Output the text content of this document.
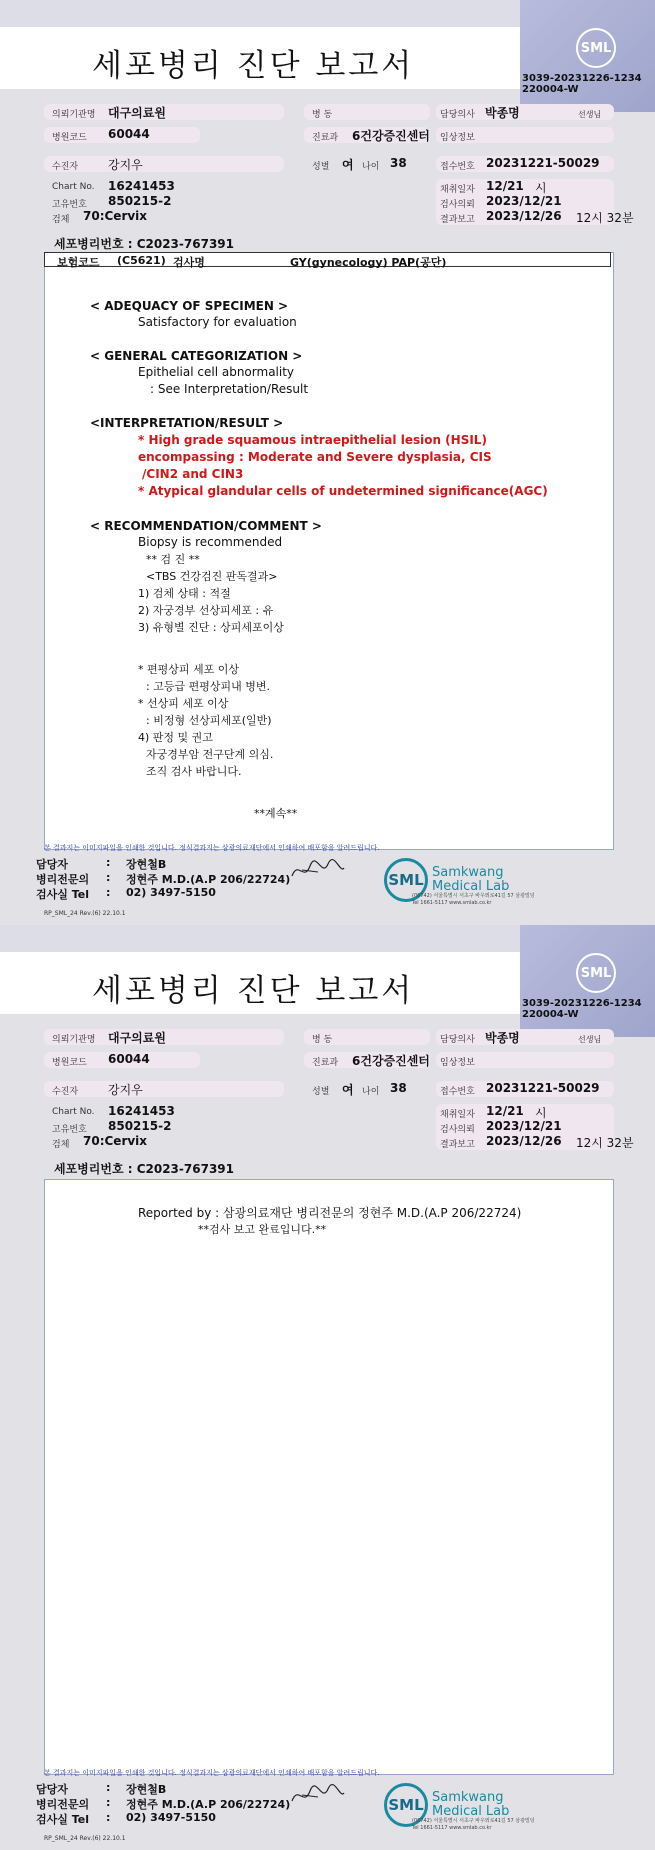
세포병리 진단 보고서	SML
3039-20231226-1234
220004-W
의뢰기관명 대구의료원	병 동	담당의사 박종명	선생님
병원코드 60044	진료과 6건강증진센터 임상정보
수진자 강지우	성별 여 나이 38	접수번호 20231221-50029
Chart No. 16241453
고유번호 850215-2
검체 70:Cervix
채취일자 12/21 시
검사의뢰 2023/12/21
결과보고 2023/12/26 12시 32분
세포병리번호 : C2023-767391
보험코드 (C5621) 검사명	GY(gynecology) PAP(공단)
< ADEQUACY OF SPECIMEN >
Satisfactory for evaluation
< GENERAL CATEGORIZATION >
Epithelial cell abnormality
: See Interpretation/Result
<INTERPRETATION/RESULT >
* High grade squamous intraepithelial lesion (HSIL)
encompassing : Moderate and Severe dysplasia, CIS
/CIN2 and CIN3
* Atypical glandular cells of undetermined significance(AGC)
< RECOMMENDATION/COMMENT >
Biopsy is recommended
** 검 진 **
<TBS 건강검진 판독결과>
1) 검체 상태 : 적절
2) 자궁경부 선상피세포 : 유
3) 유형별 진단 : 상피세포이상
* 편평상피 세포 이상
: 고등급 편평상피내 병변.
* 선상피 세포 이상
: 비정형 선상피세포(일반)
4) 판정 및 권고
자궁경부암 전구단계 의심.
조직 검사 바랍니다.
**계속**
본 결과지는 이미지파일을 인쇄한 것입니다. 정식결과지는 삼광의료재단에서 인쇄하여 배포함을 알려드립니다.
담당자	: 장현철B
병리전문의 : 정현주 M.D.(A.P 206/22724)
검사실 Tel : 02) 3497-5150
SML Samkwang
Medical Lab
(06742) 서울특별시 서초구 바우뫼로41길 57 삼광빌딩
Tel 1661-5117 www.smlab.co.kr
RP_SML_24 Rev.(6) 22.10.1
세포병리 진단 보고서	SML
3039-20231226-1234
220004-W
의뢰기관명 대구의료원	병 동	담당의사 박종명	선생님
병원코드 60044	진료과 6건강증진센터 임상정보
수진자 강지우	성별 여 나이 38	접수번호 20231221-50029
Chart No. 16241453
고유번호 850215-2
검체 70:Cervix
채취일자 12/21 시
검사의뢰 2023/12/21
결과보고 2023/12/26 12시 32분
세포병리번호 : C2023-767391
Reported by : 삼광의료재단 병리전문의 정현주 M.D.(A.P 206/22724)
**검사 보고 완료입니다.**
본 결과지는 이미지파일을 인쇄한 것입니다. 정식결과지는 삼광의료재단에서 인쇄하여 배포함을 알려드립니다.
담당자	: 장현철B
병리전문의 : 정현주 M.D.(A.P 206/22724)
검사실 Tel : 02) 3497-5150
SML Samkwang
Medical Lab
(06742) 서울특별시 서초구 바우뫼로41길 57 삼광빌딩
Tel 1661-5117 www.smlab.co.kr
RP_SML_24 Rev.(6) 22.10.1
